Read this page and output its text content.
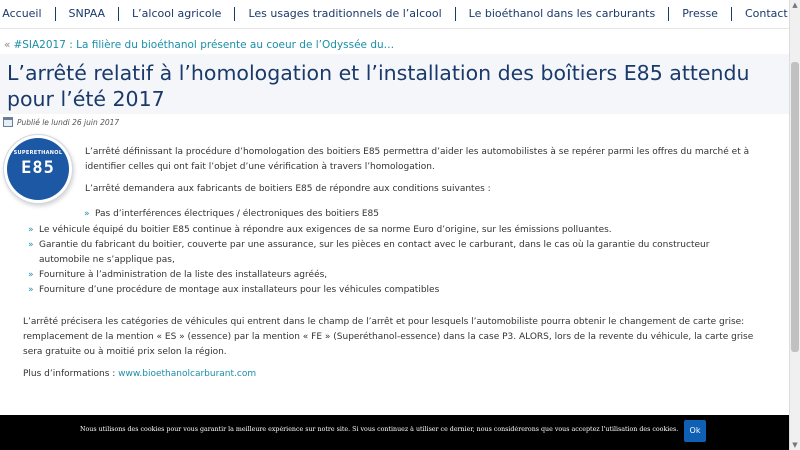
Accueil	SNPAA	L’alcool agricole	Les usages traditionnels de l’alcool	Le bioéthanol dans les carburants	Presse	Contact
« #SIA2017 : La filière du bioéthanol présente au coeur de l’Odyssée du…
L’arrêté relatif à l’homologation et l’installation des boîtiers E85 attendu pour l’été 2017
Publié le lundi 26 juin 2017
SUPERETHANOL
E85

L’arrêté définissant la procédure d’homologation des boitiers E85 permettra d’aider les automobilistes à se repérer parmi les offres du marché et à identifier celles qui ont fait l’objet d’une vérification à travers l’homologation.

L’arrêté demandera aux fabricants de boitiers E85 de répondre aux conditions suivantes :

» Pas d’interférences électriques / électroniques des boitiers E85
» Le véhicule équipé du boitier E85 continue à répondre aux exigences de sa norme Euro d’origine, sur les émissions polluantes.
» Garantie du fabricant du boitier, couverte par une assurance, sur les pièces en contact avec le carburant, dans le cas où la garantie du constructeur automobile ne s’applique pas,
» Fourniture à l’administration de la liste des installateurs agréés,
» Fourniture d’une procédure de montage aux installateurs pour les véhicules compatibles

L’arrêté précisera les catégories de véhicules qui entrent dans le champ de l’arrêt et pour lesquels l’automobiliste pourra obtenir le changement de carte grise: remplacement de la mention « ES » (essence) par la mention « FE » (Superéthanol-essence) dans la case P3. ALORS, lors de la revente du véhicule, la carte grise sera gratuite ou à moitié prix selon la région.

Plus d’informations : www.bioethanolcarburant.com

Nous utilisons des cookies pour vous garantir la meilleure expérience sur notre site. Si vous continuez à utiliser ce dernier, nous considérerons que vous acceptez l'utilisation des cookies.	Ok
▲
▼
